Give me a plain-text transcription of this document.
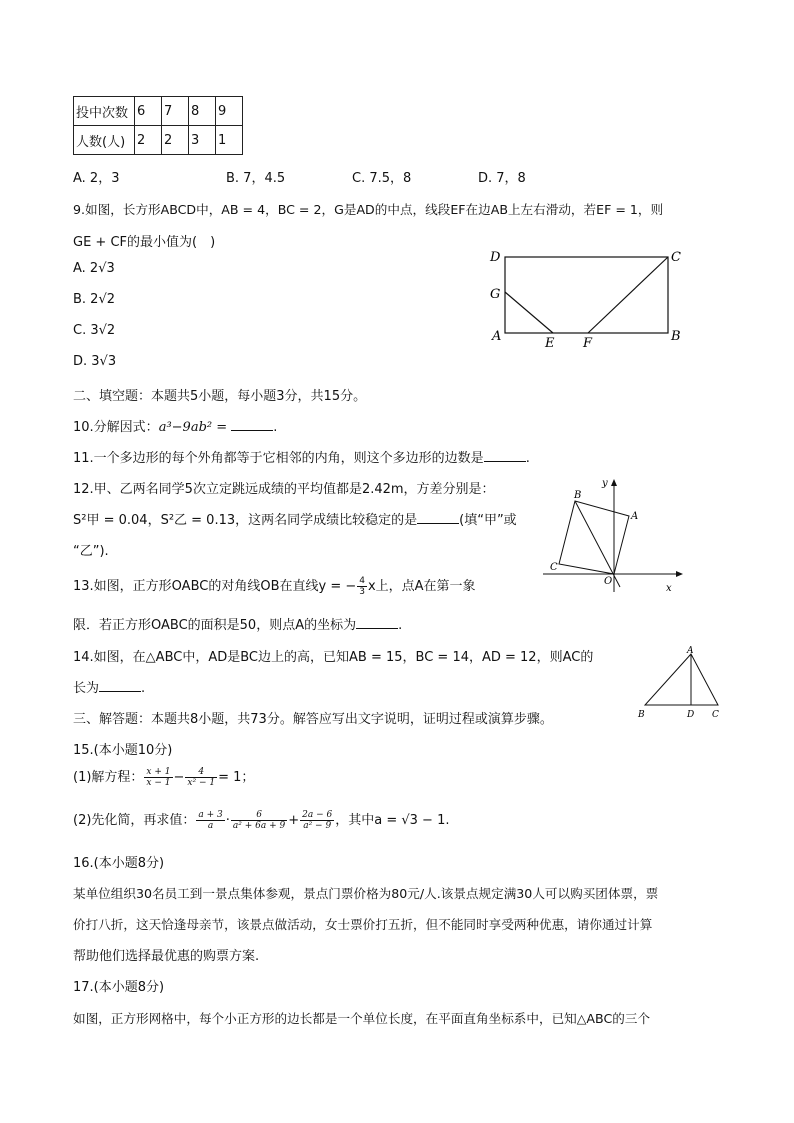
投中次数	6	7	8	9
人数(人)	2	2	3	1
A. 2，3	B. 7，4.5	C. 7.5，8	D. 7，8
9.如图，长方形ABCD中，AB = 4，BC = 2，G是AD的中点，线段EF在边AB上左右滑动，若EF = 1，则
GE + CF的最小值为(　)
A. 2√3
B. 2√2
C. 3√2
D. 3√3
D	C
G
A	B
E F
二、填空题：本题共5小题，每小题3分，共15分。
10.分解因式：a³−9ab² =	.
11.一个多边形的每个外角都等于它相邻的内角，则这个多边形的边数是	.
12.甲、乙两名同学5次立定跳远成绩的平均值都是2.42m，方差分别是：
S²甲 = 0.04，S²乙 = 0.13，这两名同学成绩比较稳定的是	(填“甲”或
“乙”).
B
A
C
O
x
y
13.如图，正方形OABC的对角线OB在直线y = − $\frac{4}{3}$ x上，点A在第一象
限．若正方形OABC的面积是50，则点A的坐标为	.
14.如图，在△ABC中，AD是BC边上的高，已知AB = 15，BC = 14，AD = 12，则AC的
长为	.
A
B	D C
三、解答题：本题共8小题，共73分。解答应写出文字说明，证明过程或演算步骤。
15.(本小题10分)
(1)解方程： $\frac{x + 1}{x - 1} - \frac{4}{\text{x² − 1}} = 1$；
(2)先化简，再求值： $\frac{a + 3}{a} \cdot \frac{6}{\text{a² + 6a + 9}} + \frac{2a - 6}{\text{a² − 9}}$ ，其中a = √3 − 1.
16.(本小题8分)
某单位组织30名员工到一景点集体参观，景点门票价格为80元/人.该景点规定满30人可以购买团体票，票
价打八折，这天恰逢母亲节，该景点做活动，女士票价打五折，但不能同时享受两种优惠，请你通过计算
帮助他们选择最优惠的购票方案.
17.(本小题8分)
如图，正方形网格中，每个小正方形的边长都是一个单位长度，在平面直角坐标系中，已知△ABC的三个
